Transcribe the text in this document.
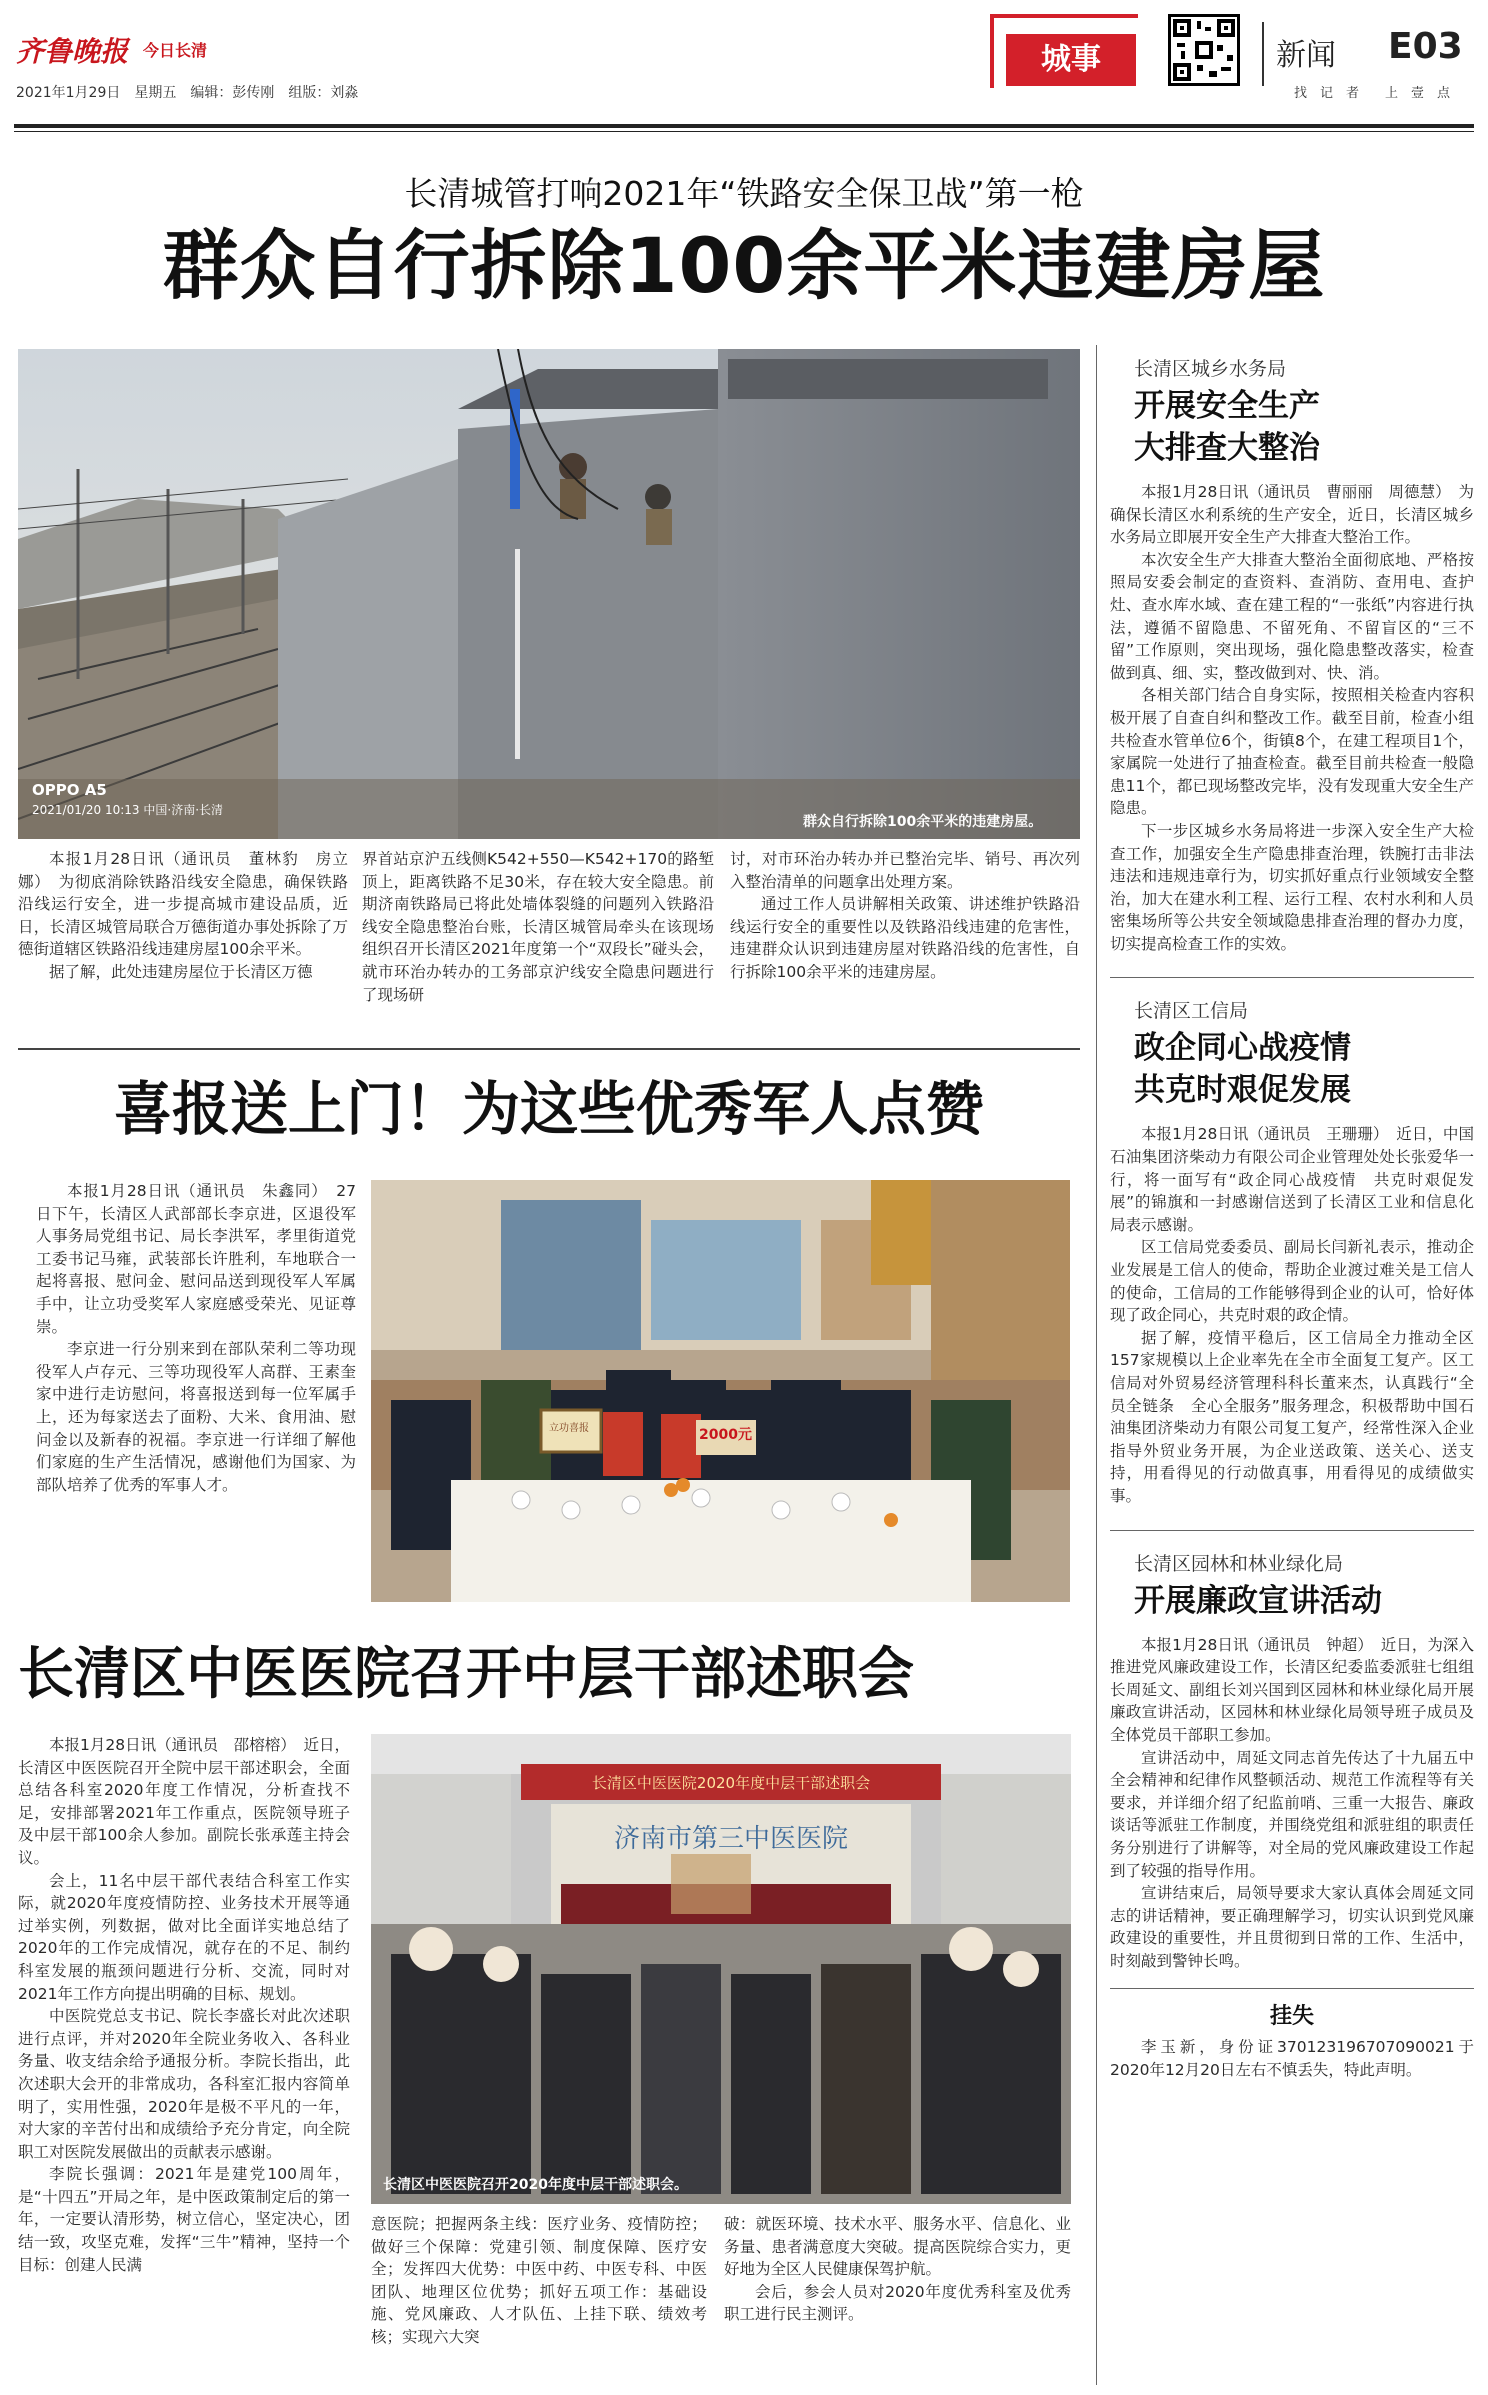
齐鲁晚报 今日长清
2021年1月29日　星期五　编辑：彭传刚　组版：刘淼
城事	新闻 E03
找　记　者　　上　壹　点
长清城管打响2021年“铁路安全保卫战”第一枪
群众自行拆除100余平米违建房屋
OPPO A5
2021/01/20 10:13 中国·济南·长清
群众自行拆除100余平米的违建房屋。

本报1月28日讯（通讯员　董林豹　房立娜）　为彻底消除铁路沿线安全隐患，确保铁路沿线运行安全，进一步提高城市建设品质，近日，长清区城管局联合万德街道办事处拆除了万德街道辖区铁路沿线违建房屋100余平米。

据了解，此处违建房屋位于长清区万德

界首站京沪五线侧K542+550—K542+170的路堑顶上，距离铁路不足30米，存在较大安全隐患。前期济南铁路局已将此处墙体裂缝的问题列入铁路沿线安全隐患整治台账，长清区城管局牵头在该现场组织召开长清区2021年度第一个“双段长”碰头会，就市环治办转办的工务部京沪线安全隐患问题进行了现场研

讨，对市环治办转办并已整治完毕、销号、再次列入整治清单的问题拿出处理方案。

通过工作人员讲解相关政策、讲述维护铁路沿线运行安全的重要性以及铁路沿线违建的危害性，违建群众认识到违建房屋对铁路沿线的危害性，自行拆除100余平米的违建房屋。

喜报送上门！为这些优秀军人点赞

本报1月28日讯（通讯员　朱鑫同）　27日下午，长清区人武部部长李京进，区退役军人事务局党组书记、局长李洪军，孝里街道党工委书记马雍，武装部长许胜利，车地联合一起将喜报、慰问金、慰问品送到现役军人军属手中，让立功受奖军人家庭感受荣光、见证尊崇。

李京进一行分别来到在部队荣利二等功现役军人卢存元、三等功现役军人高群、王素奎家中进行走访慰问，将喜报送到每一位军属手上，还为每家送去了面粉、大米、食用油、慰问金以及新春的祝福。李京进一行详细了解他们家庭的生产生活情况，感谢他们为国家、为部队培养了优秀的军事人才。

立功喜报	2000元
长清区中医医院召开中层干部述职会

本报1月28日讯（通讯员　邵榕榕）　近日，长清区中医医院召开全院中层干部述职会，全面总结各科室2020年度工作情况，分析查找不足，安排部署2021年工作重点，医院领导班子及中层干部100余人参加。副院长张承莲主持会议。

会上，11名中层干部代表结合科室工作实际，就2020年度疫情防控、业务技术开展等通过举实例，列数据，做对比全面详实地总结了2020年的工作完成情况，就存在的不足、制约科室发展的瓶颈问题进行分析、交流，同时对2021年工作方向提出明确的目标、规划。

中医院党总支书记、院长李盛长对此次述职进行点评，并对2020年全院业务收入、各科业务量、收支结余给予通报分析。李院长指出，此次述职大会开的非常成功，各科室汇报内容简单明了，实用性强，2020年是极不平凡的一年，对大家的辛苦付出和成绩给予充分肯定，向全院职工对医院发展做出的贡献表示感谢。

李院长强调：2021年是建党100周年，是“十四五”开局之年，是中医政策制定后的第一年，一定要认清形势，树立信心，坚定决心，团结一致，攻坚克难，发挥“三牛”精神，坚持一个目标：创建人民满

长清区中医医院2020年度中层干部述职会
济南市第三中医医院
长清区中医医院召开2020年度中层干部述职会。

意医院；把握两条主线：医疗业务、疫情防控；做好三个保障：党建引领、制度保障、医疗安全；发挥四大优势：中医中药、中医专科、中医团队、地理区位优势；抓好五项工作：基础设施、党风廉政、人才队伍、上挂下联、绩效考核；实现六大突

破：就医环境、技术水平、服务水平、信息化、业务量、患者满意度大突破。提高医院综合实力，更好地为全区人民健康保驾护航。

会后，参会人员对2020年度优秀科室及优秀职工进行民主测评。

长清区城乡水务局
开展安全生产
大排查大整治

本报1月28日讯（通讯员　曹丽丽　周德慧）　为确保长清区水利系统的生产安全，近日，长清区城乡水务局立即展开安全生产大排查大整治工作。

本次安全生产大排查大整治全面彻底地、严格按照局安委会制定的查资料、查消防、查用电、查护灶、查水库水域、查在建工程的“一张纸”内容进行执法，遵循不留隐患、不留死角、不留盲区的“三不留”工作原则，突出现场，强化隐患整改落实，检查做到真、细、实，整改做到对、快、消。

各相关部门结合自身实际，按照相关检查内容积极开展了自查自纠和整改工作。截至目前，检查小组共检查水管单位6个，街镇8个，在建工程项目1个，家属院一处进行了抽查检查。截至目前共检查一般隐患11个，都已现场整改完毕，没有发现重大安全生产隐患。

下一步区城乡水务局将进一步深入安全生产大检查工作，加强安全生产隐患排查治理，铁腕打击非法违法和违规违章行为，切实抓好重点行业领域安全整治，加大在建水利工程、运行工程、农村水利和人员密集场所等公共安全领域隐患排查治理的督办力度，切实提高检查工作的实效。

长清区工信局
政企同心战疫情
共克时艰促发展

本报1月28日讯（通讯员　王珊珊）　近日，中国石油集团济柴动力有限公司企业管理处处长张爱华一行，将一面写有“政企同心战疫情　共克时艰促发展”的锦旗和一封感谢信送到了长清区工业和信息化局表示感谢。

区工信局党委委员、副局长闫新礼表示，推动企业发展是工信人的使命，帮助企业渡过难关是工信人的使命，工信局的工作能够得到企业的认可，恰好体现了政企同心，共克时艰的政企情。

据了解，疫情平稳后，区工信局全力推动全区157家规模以上企业率先在全市全面复工复产。区工信局对外贸易经济管理科科长董来杰，认真践行“全员全链条　全心全服务”服务理念，积极帮助中国石油集团济柴动力有限公司复工复产，经常性深入企业指导外贸业务开展，为企业送政策、送关心、送支持，用看得见的行动做真事，用看得见的成绩做实事。

长清区园林和林业绿化局
开展廉政宣讲活动

本报1月28日讯（通讯员　钟超）　近日，为深入推进党风廉政建设工作，长清区纪委监委派驻七组组长周延文、副组长刘兴国到区园林和林业绿化局开展廉政宣讲活动，区园林和林业绿化局领导班子成员及全体党员干部职工参加。

宣讲活动中，周延文同志首先传达了十九届五中全会精神和纪律作风整顿活动、规范工作流程等有关要求，并详细介绍了纪监前哨、三重一大报告、廉政谈话等派驻工作制度，并围绕党组和派驻组的职责任务分别进行了讲解等，对全局的党风廉政建设工作起到了较强的指导作用。

宣讲结束后，局领导要求大家认真体会周延文同志的讲话精神，要正确理解学习，切实认识到党风廉政建设的重要性，并且贯彻到日常的工作、生活中，时刻敲到警钟长鸣。

挂失

李玉新，身份证370123196707090021于2020年12月20日左右不慎丢失，特此声明。
